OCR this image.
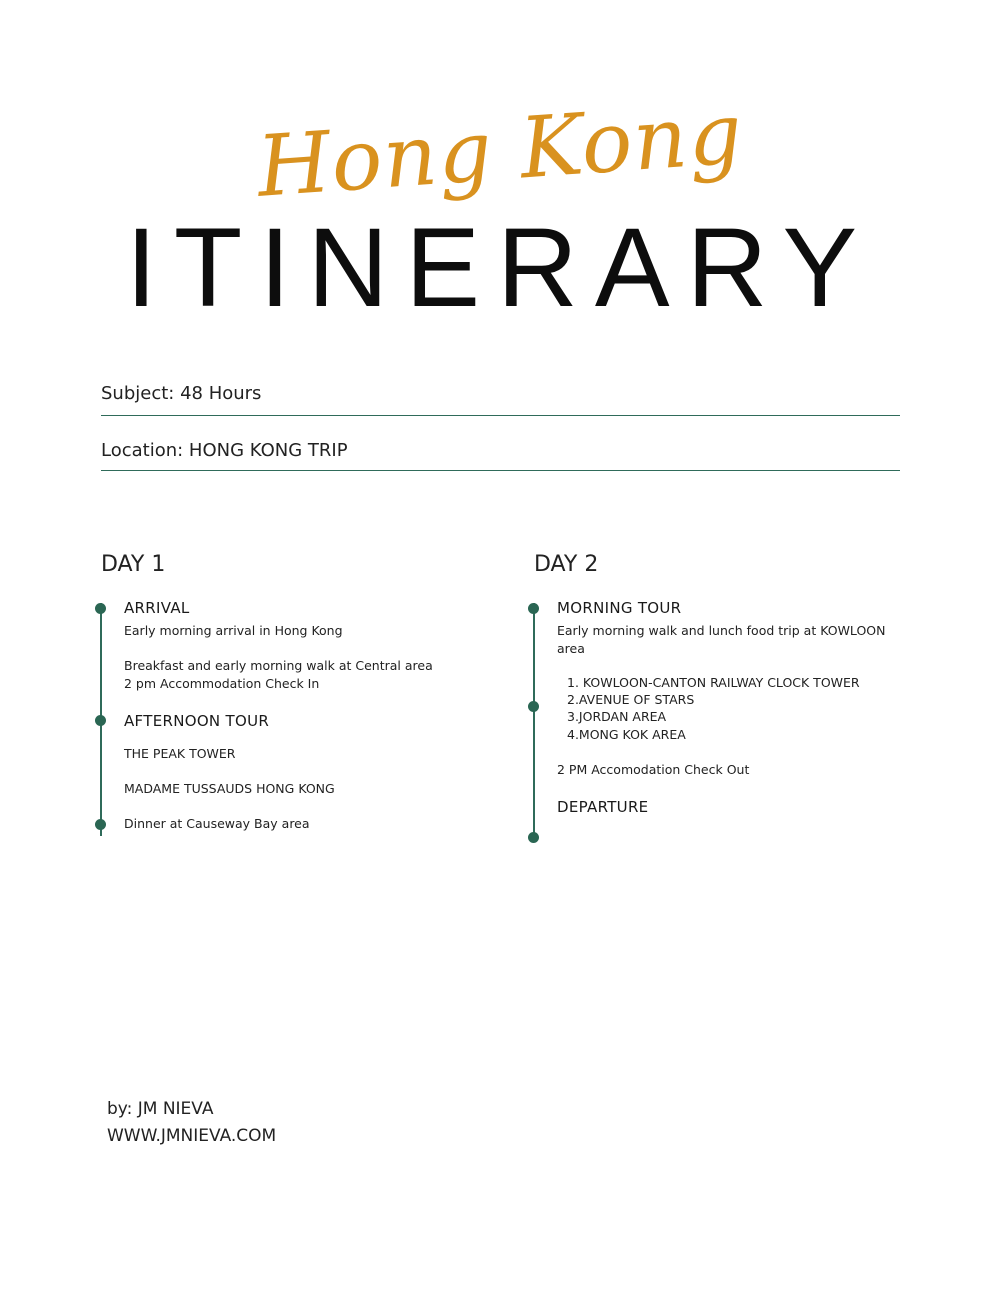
ITINERARY
Hong Kong
Subject: 48 Hours
Location: HONG KONG TRIP
DAY 1
ARRIVAL
Early morning arrival in Hong Kong
Breakfast and early morning walk at Central area
2 pm Accommodation Check In
AFTERNOON TOUR
THE PEAK TOWER
MADAME TUSSAUDS HONG KONG
Dinner at Causeway Bay area
DAY 2
MORNING TOUR
Early morning walk and lunch food trip at KOWLOON
area
1. KOWLOON-CANTON RAILWAY CLOCK TOWER
2.AVENUE OF STARS
3.JORDAN AREA
4.MONG KOK AREA
2 PM Accomodation Check Out
DEPARTURE
by: JM NIEVA
WWW.JMNIEVA.COM
